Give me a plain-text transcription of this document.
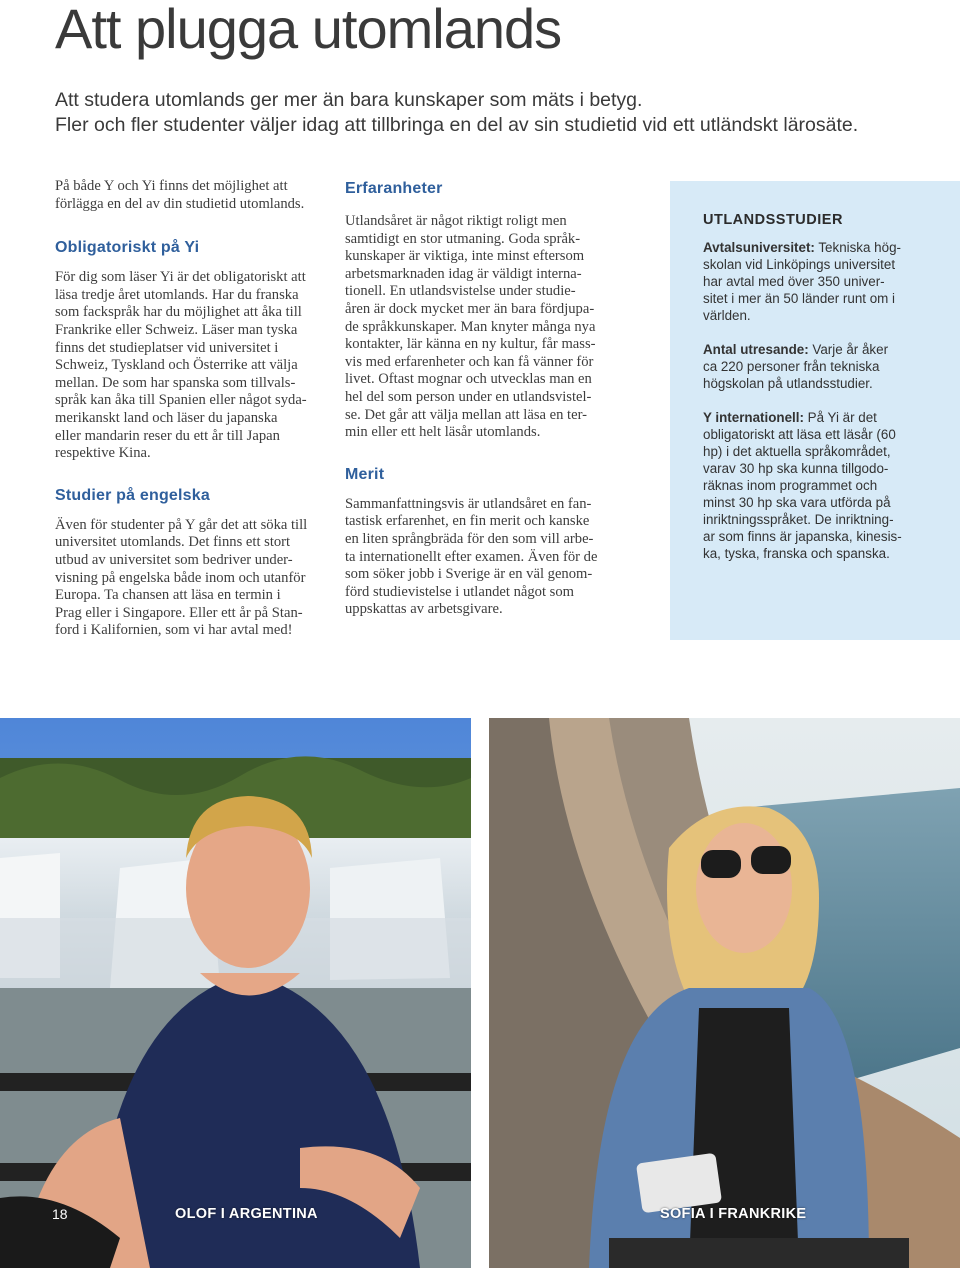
Att plugga utomlands
Att studera utomlands ger mer än bara kunskaper som mäts i betyg.
Fler och fler studenter väljer idag att tillbringa en del av sin studietid vid ett utländskt lärosäte.

På både Y och Yi finns det möjlighet att
förlägga en del av din studietid utomlands.

Obligatoriskt på Yi

För dig som läser Yi är det obligatoriskt att
läsa tredje året utomlands. Har du franska
som fackspråk har du möjlighet att åka till
Frankrike eller Schweiz. Läser man tyska
finns det studieplatser vid universitet i
Schweiz, Tyskland och Österrike att välja
mellan. De som har spanska som tillvals-
språk kan åka till Spanien eller något syda-
merikanskt land och läser du japanska
eller mandarin reser du ett år till Japan
respektive Kina.

Studier på engelska

Även för studenter på Y går det att söka till
universitet utomlands. Det finns ett stort
utbud av universitet som bedriver under-
visning på engelska både inom och utanför
Europa. Ta chansen att läsa en termin i
Prag eller i Singapore. Eller ett år på Stan-
ford i Kalifornien, som vi har avtal med!

Erfaranheter

Utlandsåret är något riktigt roligt men
samtidigt en stor utmaning. Goda språk-
kunskaper är viktiga, inte minst eftersom
arbetsmarknaden idag är väldigt interna-
tionell. En utlandsvistelse under studie-
åren är dock mycket mer än bara fördjupa-
de språkkunskaper. Man knyter många nya
kontakter, lär känna en ny kultur, får mass-
vis med erfarenheter och kan få vänner för
livet. Oftast mognar och utvecklas man en
hel del som person under en utlandsvistel-
se. Det går att välja mellan att läsa en ter-
min eller ett helt läsår utomlands.

Merit

Sammanfattningsvis är utlandsåret en fan-
tastisk erfarenhet, en fin merit och kanske
en liten språngbräda för den som vill arbe-
ta internationellt efter examen. Även för de
som söker jobb i Sverige är en väl genom-
förd studievistelse i utlandet något som
uppskattas av arbetsgivare.

UTLANDSSTUDIER

Avtalsuniversitet: Tekniska hög-
skolan vid Linköpings universitet
har avtal med över 350 univer-
sitet i mer än 50 länder runt om i
världen.

Antal utresande: Varje år åker
ca 220 personer från tekniska
högskolan på utlandsstudier.

Y internationell: På Yi är det
obligatoriskt att läsa ett läsår (60
hp) i det aktuella språkområdet,
varav 30 hp ska kunna tillgodo-
räknas inom programmet och
minst 30 hp ska vara utförda på
inriktningsspråket. De inriktning-
ar som finns är japanska, kinesis-
ka, tyska, franska och spanska.

18	OLOF I ARGENTINA	SOFIA I FRANKRIKE
